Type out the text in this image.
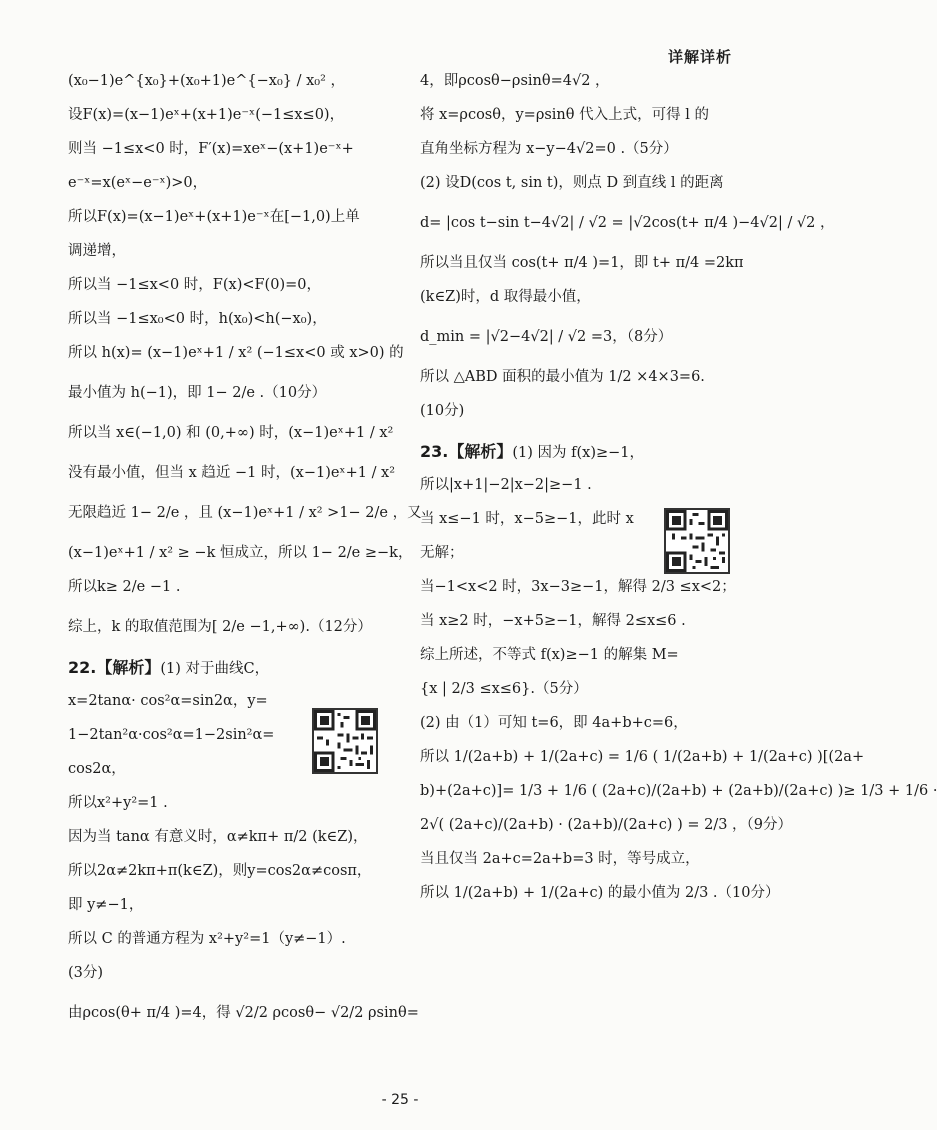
详解详析

(x₀−1)e^{x₀}+(x₀+1)e^{−x₀} / x₀² ，

设F(x)=(x−1)eˣ+(x+1)e⁻ˣ(−1≤x≤0)，

则当 −1≤x<0 时，F′(x)=xeˣ−(x+1)e⁻ˣ+

e⁻ˣ=x(eˣ−e⁻ˣ)>0，

所以F(x)=(x−1)eˣ+(x+1)e⁻ˣ在[−1,0)上单

调递增，

所以当 −1≤x<0 时，F(x)<F(0)=0，

所以当 −1≤x₀<0 时，h(x₀)<h(−x₀)，

所以 h(x)= (x−1)eˣ+1 / x² (−1≤x<0 或 x>0) 的

最小值为 h(−1)，即 1− 2/e .（10分）

所以当 x∈(−1,0) 和 (0,+∞) 时，(x−1)eˣ+1 / x²

没有最小值，但当 x 趋近 −1 时，(x−1)eˣ+1 / x²

无限趋近 1− 2/e ，且 (x−1)eˣ+1 / x² >1− 2/e ，又

(x−1)eˣ+1 / x² ≥ −k 恒成立，所以 1− 2/e ≥−k，

所以k≥ 2/e −1 .

综上，k 的取值范围为[ 2/e −1,+∞).（12分）

22.【解析】(1) 对于曲线C，

x=2tanα· cos²α=sin2α，y=

1−2tan²α·cos²α=1−2sin²α=

cos2α，

所以x²+y²=1 .

因为当 tanα 有意义时，α≠kπ+ π/2 (k∈Z)，

所以2α≠2kπ+π(k∈Z)，则y=cos2α≠cosπ，

即 y≠−1，

所以 C 的普通方程为 x²+y²=1（y≠−1）.

(3分)

由ρcos(θ+ π/4 )=4，得 √2/2 ρcosθ− √2/2 ρsinθ=

4，即ρcosθ−ρsinθ=4√2 ，

将 x=ρcosθ，y=ρsinθ 代入上式，可得 l 的

直角坐标方程为 x−y−4√2=0 .（5分）

(2) 设D(cos t, sin t)，则点 D 到直线 l 的距离

d= |cos t−sin t−4√2| / √2 = |√2cos(t+ π/4 )−4√2| / √2 ，

所以当且仅当 cos(t+ π/4 )=1，即 t+ π/4 =2kπ

(k∈Z)时，d 取得最小值，

d_min = |√2−4√2| / √2 =3，（8分）

所以 △ABD 面积的最小值为 1/2 ×4×3=6.

(10分)

23.【解析】(1) 因为 f(x)≥−1，

所以|x+1|−2|x−2|≥−1 .

当 x≤−1 时，x−5≥−1，此时 x

无解；

当−1<x<2 时，3x−3≥−1，解得 2/3 ≤x<2；

当 x≥2 时，−x+5≥−1，解得 2≤x≤6 .

综上所述，不等式 f(x)≥−1 的解集 M=

{x | 2/3 ≤x≤6}.（5分）

(2) 由（1）可知 t=6，即 4a+b+c=6，

所以 1/(2a+b) + 1/(2a+c) = 1/6 ( 1/(2a+b) + 1/(2a+c) )[(2a+

b)+(2a+c)]= 1/3 + 1/6 ( (2a+c)/(2a+b) + (2a+b)/(2a+c) )≥ 1/3 + 1/6 ·

2√( (2a+c)/(2a+b) · (2a+b)/(2a+c) ) = 2/3 ，（9分）

当且仅当 2a+c=2a+b=3 时，等号成立，

所以 1/(2a+b) + 1/(2a+c) 的最小值为 2/3 .（10分）

- 25 -
